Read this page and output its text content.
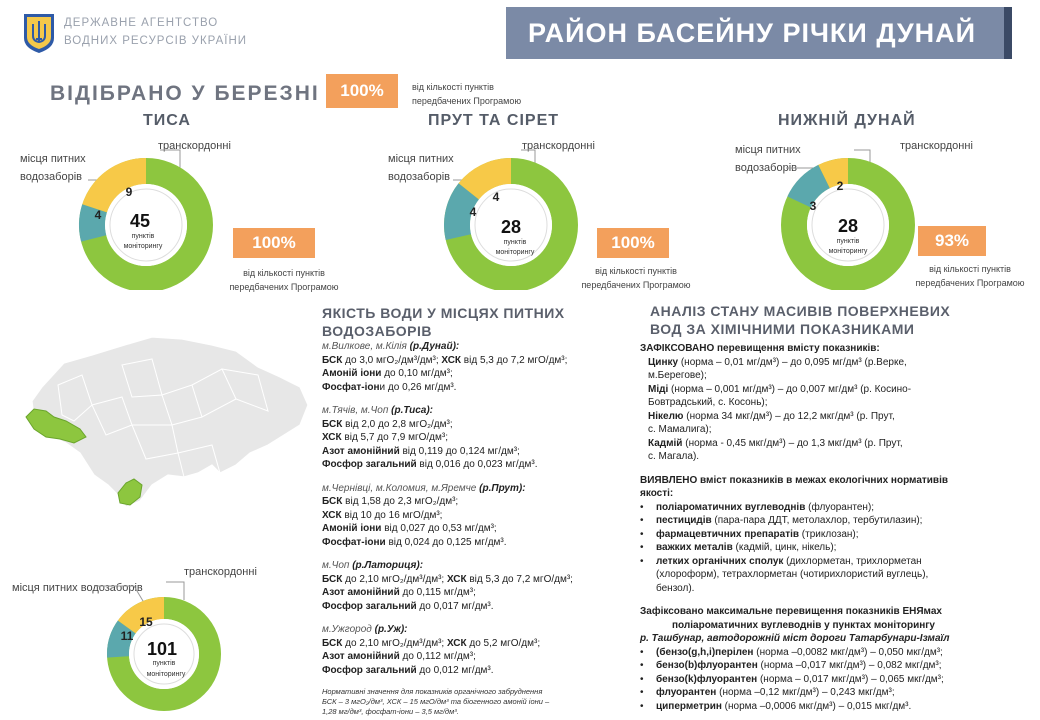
ДЕРЖАВНЕ АГЕНТСТВО
ВОДНИХ РЕСУРСІВ УКРАЇНИ	РАЙОН БАСЕЙНУ РІЧКИ ДУНАЙ
ВІДІБРАНО У БЕРЕЗНІ	100%	від кількості пунктів
передбачених Програмою
ТИСА
місця питних
водозаборів
транскордонні
9
4 45
пунктів
моніторингу	100%
від кількості пунктів
передбачених Програмою
ПРУТ ТА СІРЕТ
місця питних
водозаборів
транскордонні
4
4
28
пунктів
моніторингу
100%
від кількості пунктів
передбачених Програмою
НИЖНІЙ ДУНАЙ
місця питних
водозаборів
транскордонні
2
3
28
пунктів
моніторингу
93%
від кількості пунктів
передбачених Програмою
транскордонні
місця питних водозаборів
15
11
101
пунктів
моніторингу
ЯКІСТЬ ВОДИ У МІСЦЯХ ПИТНИХ
ВОДОЗАБОРІВ
м.Вилкове, м.Кілія (р.Дунай):
БСК до 3,0 мгО₂/дм³/дм³; ХСК від 5,3 до 7,2 мгО/дм³;
Амоній іони до 0,10 мг/дм³;
Фосфат-іони до 0,26 мг/дм³.
м.Тячів, м.Чоп (р.Тиса):
БСК від 2,0 до 2,8 мгО₂/дм³;
ХСК від 5,7 до 7,9 мгО/дм³;
Азот амонійний від 0,119 до 0,124 мг/дм³;
Фосфор загальний від 0,016 до 0,023 мг/дм³.
м.Чернівці, м.Коломия, м.Яремче (р.Прут):
БСК від 1,58 до 2,3 мгО₂/дм³;
ХСК від 10 до 16 мгО/дм³;
Амоній іони від 0,027 до 0,53 мг/дм³;
Фосфат-іони від 0,024 до 0,125 мг/дм³.
м.Чоп (р.Латориця):
БСК до 2,10 мгО₂/дм³/дм³; ХСК від 5,3 до 7,2 мгО/дм³;
Азот амонійний до 0,115 мг/дм³;
Фосфор загальний до 0,017 мг/дм³.
м.Ужгород (р.Уж):
БСК до 2,10 мгО₂/дм³/дм³; ХСК до 5,2 мгО/дм³;
Азот амонійний до 0,112 мг/дм³;
Фосфор загальний до 0,012 мг/дм³.
Нормативні значення для показників органічного забруднення
БСК – 3 мгО₂/дм³, ХСК – 15 мгО/дм³ та біогенного амоній іони –
1,28 мг/дм³, фосфат-іони – 3,5 мг/дм³.
АНАЛІЗ СТАНУ МАСИВІВ ПОВЕРХНЕВИХ
ВОД ЗА ХІМІЧНИМИ ПОКАЗНИКАМИ
ЗАФІКСОВАНО перевищення вмісту показників:
Цинку (норма – 0,01 мг/дм³) – до 0,095 мг/дм³ (р.Верке,
м.Берегове);
Міді (норма – 0,001 мг/дм³) – до 0,007 мг/дм³ (р. Косино-
Бовтрадський, с. Косонь);
Нікелю (норма 34 мкг/дм³) – до 12,2 мкг/дм³ (р. Прут,
с. Мамалига);
Кадмій (норма - 0,45 мкг/дм³) – до 1,3 мкг/дм³ (р. Прут,
с. Магала).
ВИЯВЛЕНО вміст показників в межах екологічних нормативів
якості:
• поліароматичних вуглеводнів (флуорантен);
• пестицидів (пара-пара ДДТ, метолахлор, тербутилазин);
• фармацевтичних препаратів (триклозан);
• важких металів (кадмій, цинк, нікель);
• летких органічних сполук (дихлорметан, трихлорметан
(хлороформ), тетрахлорметан (чотирихлористий вуглець),
бензол).
Зафіксовано максимальне перевищення показників ЕНЯмах
поліароматичних вуглеводнів у пунктах моніторингу
р. Ташбунар, автодорожній міст дороги Татарбунари-Ізмаїл
• (бензо(g,h,i)перілен (норма –0,0082 мкг/дм³) – 0,050 мкг/дм³;
• бензо(b)флуорантен (норма –0,017 мкг/дм³) – 0,082 мкг/дм³;
• бензо(k)флуорантен (норма – 0,017 мкг/дм³) – 0,065 мкг/дм³;
• флуорантен (норма –0,12 мкг/дм³) – 0,243 мкг/дм³;
• циперметрин (норма –0,0006 мкг/дм³) – 0,015 мкг/дм³.
